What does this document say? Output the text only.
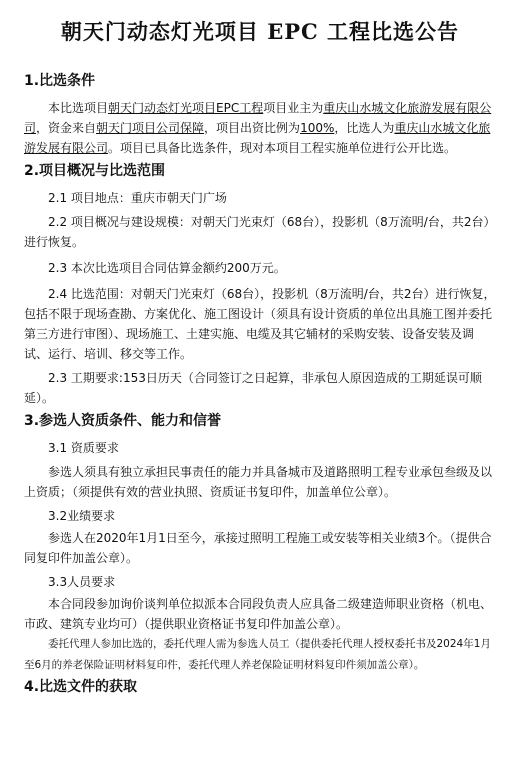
朝天门动态灯光项目 EPC 工程比选公告
1.比选条件

本比选项目朝天门动态灯光项目EPC工程项目业主为重庆山水城文化旅游发展有限公司，资金来自朝天门项目公司保障，项目出资比例为100%，比选人为重庆山水城文化旅游发展有限公司。项目已具备比选条件，现对本项目工程实施单位进行公开比选。

2.项目概况与比选范围

2.1 项目地点：重庆市朝天门广场

2.2 项目概况与建设规模：对朝天门光束灯（68台），投影机（8万流明/台，共2台）进行恢复。

2.3 本次比选项目合同估算金额约200万元。

2.4 比选范围：对朝天门光束灯（68台），投影机（8万流明/台，共2台）进行恢复，包括不限于现场查勘、方案优化、施工图设计（须具有设计资质的单位出具施工图并委托第三方进行审图）、现场施工、土建实施、电缆及其它辅材的采购安装、设备安装及调试、运行、培训、移交等工作。

2.3 工期要求:153日历天（合同签订之日起算，非承包人原因造成的工期延误可顺延）。

3.参选人资质条件、能力和信誉

3.1 资质要求

参选人须具有独立承担民事责任的能力并具备城市及道路照明工程专业承包叁级及以上资质；（须提供有效的营业执照、资质证书复印件，加盖单位公章）。

3.2业绩要求

参选人在2020年1月1日至今，承接过照明工程施工或安装等相关业绩3个。（提供合同复印件加盖公章）。

3.3人员要求

本合同段参加询价谈判单位拟派本合同段负责人应具备二级建造师职业资格（机电、市政、建筑专业均可）（提供职业资格证书复印件加盖公章）。

委托代理人参加比选的，委托代理人需为参选人员工（提供委托代理人授权委托书及2024年1月至6月的养老保险证明材料复印件，委托代理人养老保险证明材料复印件须加盖公章）。

4.比选文件的获取
